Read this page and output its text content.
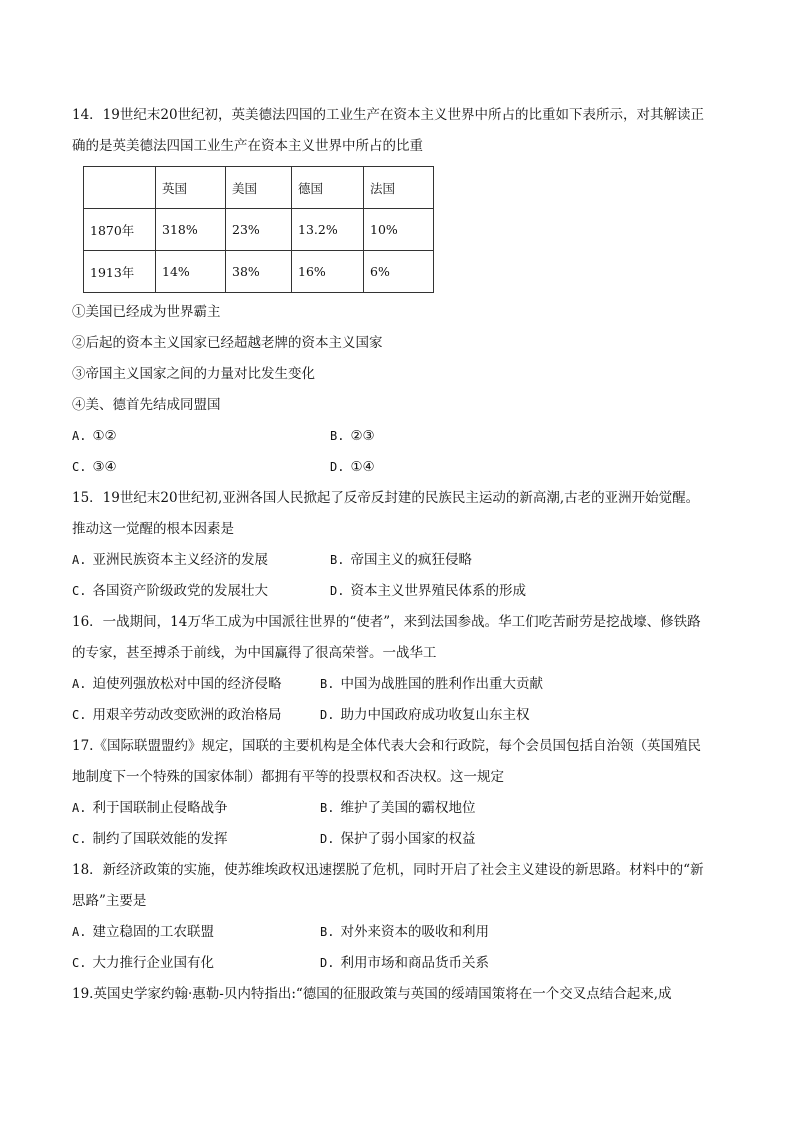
14．19世纪末20世纪初，英美德法四国的工业生产在资本主义世界中所占的比重如下表所示，对其解读正
确的是英美德法四国工业生产在资本主义世界中所占的比重
	英国	美国	德国	法国
1870年	318%	23%	13.2%	10%
1913年	14%	38%	16%	6%
①美国已经成为世界霸主
②后起的资本主义国家已经超越老牌的资本主义国家
③帝国主义国家之间的力量对比发生变化
④美、德首先结成同盟国
A. ①②	B. ②③
C. ③④	D. ①④
15．19世纪末20世纪初,亚洲各国人民掀起了反帝反封建的民族民主运动的新高潮,古老的亚洲开始觉醒。
推动这一觉醒的根本因素是
A. 亚洲民族资本主义经济的发展	B. 帝国主义的疯狂侵略
C. 各国资产阶级政党的发展壮大	D. 资本主义世界殖民体系的形成
16．一战期间，14万华工成为中国派往世界的“使者”，来到法国参战。华工们吃苦耐劳是挖战壕、修铁路
的专家，甚至搏杀于前线，为中国赢得了很高荣誉。一战华工
A. 迫使列强放松对中国的经济侵略	B. 中国为战胜国的胜利作出重大贡献
C. 用艰辛劳动改变欧洲的政治格局	D. 助力中国政府成功收复山东主权
17.《国际联盟盟约》规定，国联的主要机构是全体代表大会和行政院，每个会员国包括自治领（英国殖民
地制度下一个特殊的国家体制）都拥有平等的投票权和否决权。这一规定
A. 利于国联制止侵略战争	B. 维护了美国的霸权地位
C. 制约了国联效能的发挥	D. 保护了弱小国家的权益
18．新经济政策的实施，使苏维埃政权迅速摆脱了危机，同时开启了社会主义建设的新思路。材料中的“新
思路”主要是
A. 建立稳固的工农联盟	B. 对外来资本的吸收和利用
C. 大力推行企业国有化	D. 利用市场和商品货币关系
19.英国史学家约翰·惠勒-贝内特指出:“德国的征服政策与英国的绥靖国策将在一个交叉点结合起来,成
